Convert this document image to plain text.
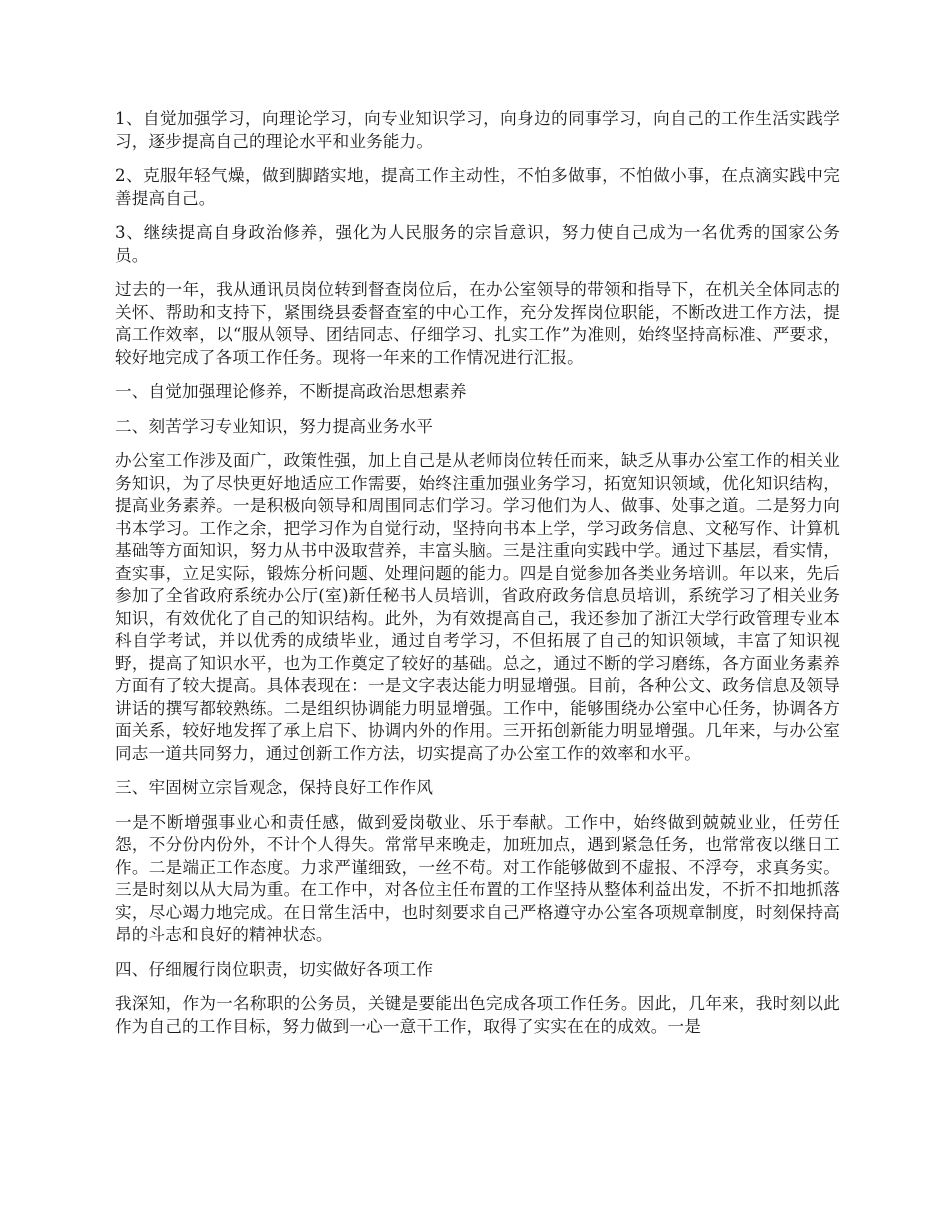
1、自觉加强学习，向理论学习，向专业知识学习，向身边的同事学习，向自己的工作生活实践学习，逐步提高自己的理论水平和业务能力。

2、克服年轻气燥，做到脚踏实地，提高工作主动性，不怕多做事，不怕做小事，在点滴实践中完善提高自己。

3、继续提高自身政治修养，强化为人民服务的宗旨意识，努力使自己成为一名优秀的国家公务员。

过去的一年，我从通讯员岗位转到督查岗位后，在办公室领导的带领和指导下，在机关全体同志的关怀、帮助和支持下，紧围绕县委督查室的中心工作，充分发挥岗位职能，不断改进工作方法，提高工作效率，以“服从领导、团结同志、仔细学习、扎实工作”为准则，始终坚持高标准、严要求，较好地完成了各项工作任务。现将一年来的工作情况进行汇报。

一、自觉加强理论修养，不断提高政治思想素养

二、刻苦学习专业知识，努力提高业务水平

办公室工作涉及面广，政策性强，加上自己是从老师岗位转任而来，缺乏从事办公室工作的相关业务知识，为了尽快更好地适应工作需要，始终注重加强业务学习，拓宽知识领域，优化知识结构，提高业务素养。一是积极向领导和周围同志们学习。学习他们为人、做事、处事之道。二是努力向书本学习。工作之余，把学习作为自觉行动，坚持向书本上学，学习政务信息、文秘写作、计算机基础等方面知识，努力从书中汲取营养，丰富头脑。三是注重向实践中学。通过下基层，看实情，查实事，立足实际，锻炼分析问题、处理问题的能力。四是自觉参加各类业务培训。年以来，先后参加了全省政府系统办公厅(室)新任秘书人员培训，省政府政务信息员培训，系统学习了相关业务知识，有效优化了自己的知识结构。此外，为有效提高自己，我还参加了浙江大学行政管理专业本科自学考试，并以优秀的成绩毕业，通过自考学习，不但拓展了自己的知识领域，丰富了知识视野，提高了知识水平，也为工作奠定了较好的基础。总之，通过不断的学习磨练，各方面业务素养方面有了较大提高。具体表现在：一是文字表达能力明显增强。目前，各种公文、政务信息及领导讲话的撰写都较熟练。二是组织协调能力明显增强。工作中，能够围绕办公室中心任务，协调各方面关系，较好地发挥了承上启下、协调内外的作用。三开拓创新能力明显增强。几年来，与办公室同志一道共同努力，通过创新工作方法，切实提高了办公室工作的效率和水平。

三、牢固树立宗旨观念，保持良好工作作风

一是不断增强事业心和责任感，做到爱岗敬业、乐于奉献。工作中，始终做到兢兢业业，任劳任怨，不分份内份外，不计个人得失。常常早来晚走，加班加点，遇到紧急任务，也常常夜以继日工作。二是端正工作态度。力求严谨细致，一丝不苟。对工作能够做到不虚报、不浮夸，求真务实。三是时刻以从大局为重。在工作中，对各位主任布置的工作坚持从整体利益出发，不折不扣地抓落实，尽心竭力地完成。在日常生活中，也时刻要求自己严格遵守办公室各项规章制度，时刻保持高昂的斗志和良好的精神状态。

四、仔细履行岗位职责，切实做好各项工作

我深知，作为一名称职的公务员，关键是要能出色完成各项工作任务。因此，几年来，我时刻以此作为自己的工作目标，努力做到一心一意干工作，取得了实实在在的成效。一是
